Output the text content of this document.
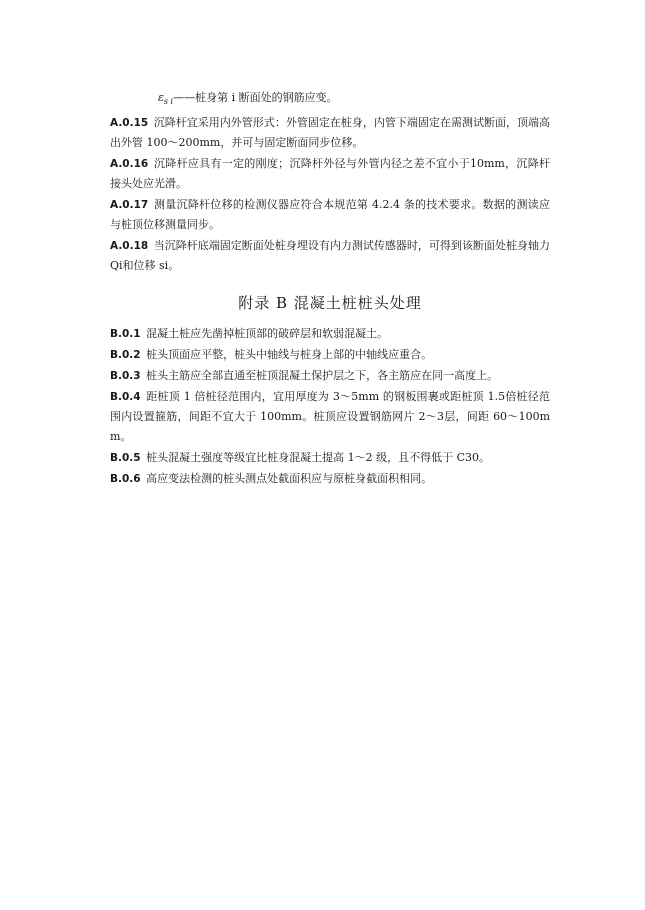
$\varepsilon_{s i}——$桩身第 i 断面处的钢筋应变。

A.0.15 沉降杆宜采用内外管形式：外管固定在桩身，内管下端固定在需测试断面，顶端高出外管 100～200mm，并可与固定断面同步位移。

A.0.16 沉降杆应具有一定的刚度；沉降杆外径与外管内径之差不宜小于10mm，沉降杆接头处应光滑。

A.0.17 测量沉降杆位移的检测仪器应符合本规范第 4.2.4 条的技术要求。数据的测读应与桩顶位移测量同步。

A.0.18 当沉降杆底端固定断面处桩身埋设有内力测试传感器时，可得到该断面处桩身轴力 Qi和位移 si。

附录 B 混凝土桩桩头处理

B.0.1 混凝土桩应先凿掉桩顶部的破碎层和软弱混凝土。

B.0.2 桩头顶面应平整，桩头中轴线与桩身上部的中轴线应重合。

B.0.3 桩头主筋应全部直通至桩顶混凝土保护层之下，各主筋应在同一高度上。

B.0.4 距桩顶 1 倍桩径范围内，宜用厚度为 3～5mm 的钢板围裹或距桩顶 1.5倍桩径范围内设置箍筋，间距不宜大于 100mm。桩顶应设置钢筋网片 2～3层，间距 60～100mm。

B.0.5 桩头混凝土强度等级宜比桩身混凝土提高 1～2 级，且不得低于 C30。

B.0.6 高应变法检测的桩头测点处截面积应与原桩身截面积相同。
